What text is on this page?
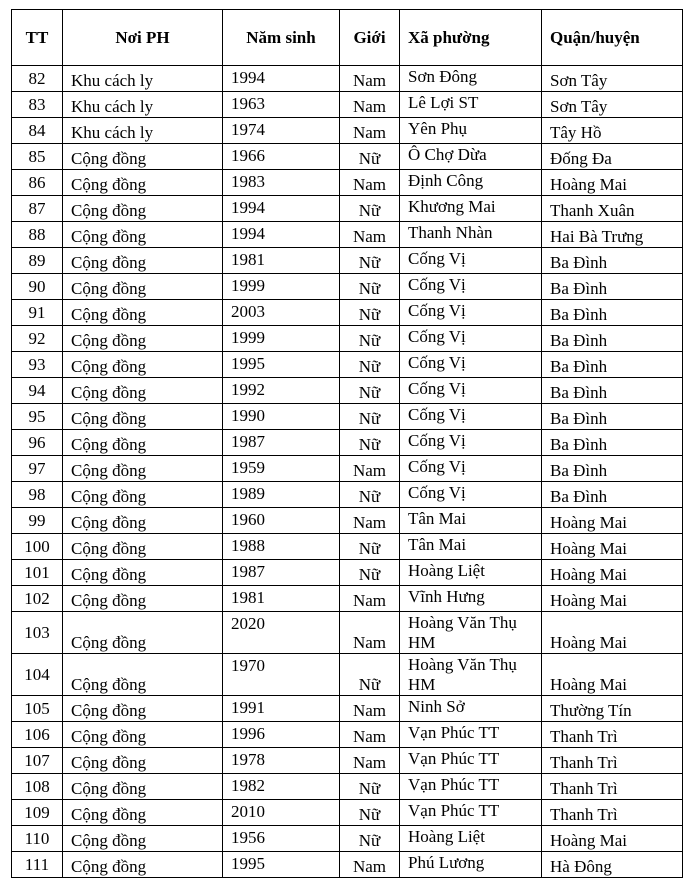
TT	Nơi PH	Năm sinh	Giới	Xã phường	Quận/huyện
82	Khu cách ly	1994	Nam	Sơn Đông	Sơn Tây
83	Khu cách ly	1963	Nam	Lê Lợi ST	Sơn Tây
84	Khu cách ly	1974	Nam	Yên Phụ	Tây Hồ
85	Cộng đồng	1966	Nữ	Ô Chợ Dừa	Đống Đa
86	Cộng đồng	1983	Nam	Định Công	Hoàng Mai
87	Cộng đồng	1994	Nữ	Khương Mai	Thanh Xuân
88	Cộng đồng	1994	Nam	Thanh Nhàn	Hai Bà Trưng
89	Cộng đồng	1981	Nữ	Cống Vị	Ba Đình
90	Cộng đồng	1999	Nữ	Cống Vị	Ba Đình
91	Cộng đồng	2003	Nữ	Cống Vị	Ba Đình
92	Cộng đồng	1999	Nữ	Cống Vị	Ba Đình
93	Cộng đồng	1995	Nữ	Cống Vị	Ba Đình
94	Cộng đồng	1992	Nữ	Cống Vị	Ba Đình
95	Cộng đồng	1990	Nữ	Cống Vị	Ba Đình
96	Cộng đồng	1987	Nữ	Cống Vị	Ba Đình
97	Cộng đồng	1959	Nam	Cống Vị	Ba Đình
98	Cộng đồng	1989	Nữ	Cống Vị	Ba Đình
99	Cộng đồng	1960	Nam	Tân Mai	Hoàng Mai
100	Cộng đồng	1988	Nữ	Tân Mai	Hoàng Mai
101	Cộng đồng	1987	Nữ	Hoàng Liệt	Hoàng Mai
102	Cộng đồng	1981	Nam	Vĩnh Hưng	Hoàng Mai
103	Cộng đồng	2020	Nam	Hoàng Văn Thụ HM	Hoàng Mai
104	Cộng đồng	1970	Nữ	Hoàng Văn Thụ HM	Hoàng Mai
105	Cộng đồng	1991	Nam	Ninh Sở	Thường Tín
106	Cộng đồng	1996	Nam	Vạn Phúc TT	Thanh Trì
107	Cộng đồng	1978	Nam	Vạn Phúc TT	Thanh Trì
108	Cộng đồng	1982	Nữ	Vạn Phúc TT	Thanh Trì
109	Cộng đồng	2010	Nữ	Vạn Phúc TT	Thanh Trì
110	Cộng đồng	1956	Nữ	Hoàng Liệt	Hoàng Mai
111	Cộng đồng	1995	Nam	Phú Lương	Hà Đông
